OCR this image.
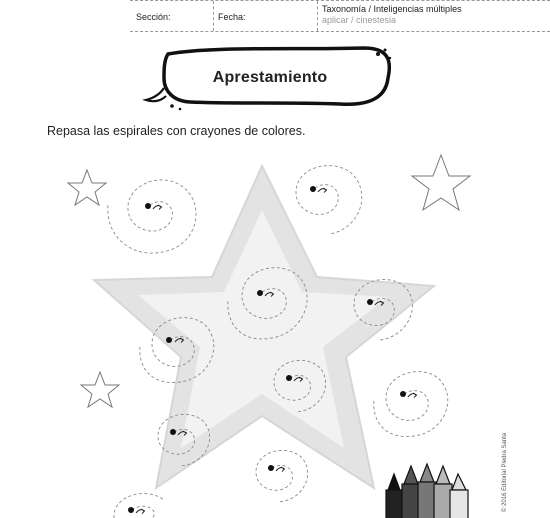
Sección:	Fecha:
Taxonomía / Inteligencias múltiples
aplicar / cinestesia
Aprestamiento
Repasa las espirales con crayones de colores.
© 2016 Editorial Piedra Santa
